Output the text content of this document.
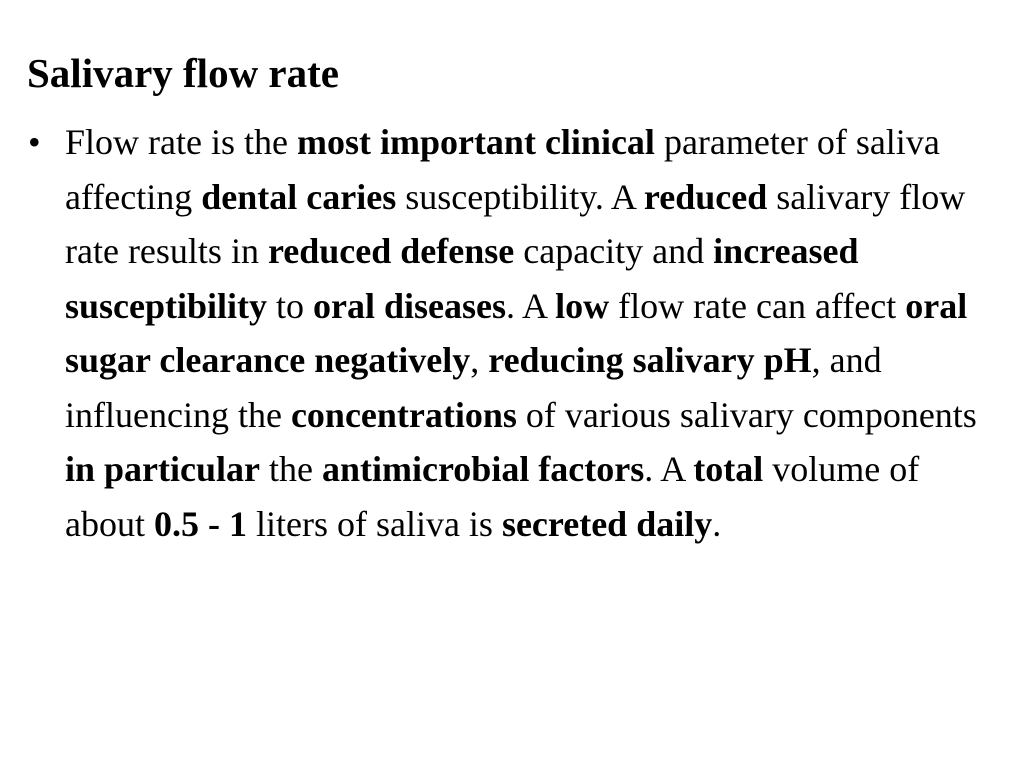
Salivary flow rate
• Flow rate is the most important clinical parameter of saliva affecting dental caries susceptibility. A reduced salivary flow rate results in reduced defense capacity and increased susceptibility to oral diseases. A low flow rate can affect oral sugar clearance negatively, reducing salivary pH, and influencing the concentrations of various salivary components in particular the antimicrobial factors. A total volume of about 0.5 - 1 liters of saliva is secreted daily.
